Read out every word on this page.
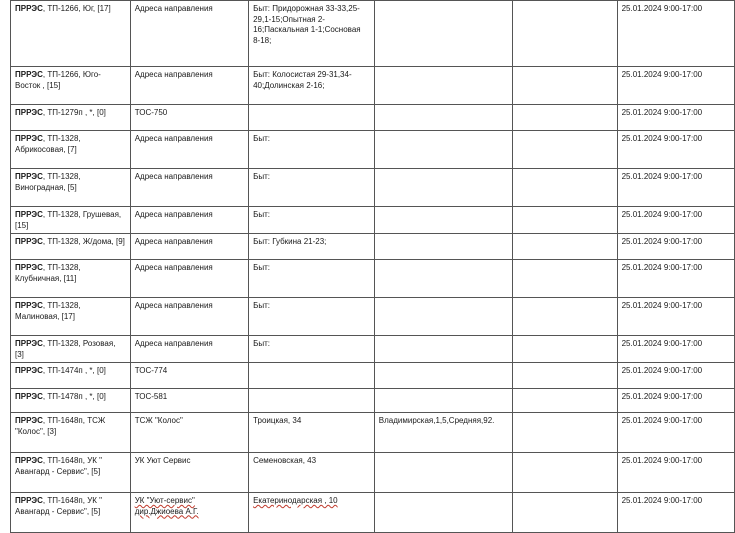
ПРРЭС, ТП-1266, Юг, [17]	Адреса направления	Быт: Придорожная 33-33,25-29,1-15;Опытная 2-16;Паскальная 1-1;Сосновая 8-18;			25.01.2024 9:00-17:00
ПРРЭС, ТП-1266, Юго-Восток , [15]	Адреса направления	Быт: Колосистая 29-31,34-40;Долинская 2-16;			25.01.2024 9:00-17:00
ПРРЭС, ТП-1279п , *, [0]	ТОС-750				25.01.2024 9:00-17:00
ПРРЭС, ТП-1328, Абрикосовая, [7]	Адреса направления	Быт:			25.01.2024 9:00-17:00
ПРРЭС, ТП-1328, Виноградная, [5]	Адреса направления	Быт:			25.01.2024 9:00-17:00
ПРРЭС, ТП-1328, Грушевая, [15]	Адреса направления	Быт:			25.01.2024 9:00-17:00
ПРРЭС, ТП-1328, Ж/дома, [9]	Адреса направления	Быт: Губкина 21-23;			25.01.2024 9:00-17:00
ПРРЭС, ТП-1328, Клубничная, [11]	Адреса направления	Быт:			25.01.2024 9:00-17:00
ПРРЭС, ТП-1328, Малиновая, [17]	Адреса направления	Быт:			25.01.2024 9:00-17:00
ПРРЭС, ТП-1328, Розовая, [3]	Адреса направления	Быт:			25.01.2024 9:00-17:00
ПРРЭС, ТП-1474п , *, [0]	ТОС-774				25.01.2024 9:00-17:00
ПРРЭС, ТП-1478п , *, [0]	ТОС-581				25.01.2024 9:00-17:00
ПРРЭС, ТП-1648п, ТСЖ "Колос", [3]	ТСЖ "Колос"	Троицкая, 34	Владимирская,1,5,Средняя,92.		25.01.2024 9:00-17:00
ПРРЭС, ТП-1648п, УК " Авангард - Сервис", [5]	УК Уют Сервис	Семеновская, 43			25.01.2024 9:00-17:00
ПРРЭС, ТП-1648п, УК " Авангард - Сервис", [5]	УК "Уют-сервис" дир.Джиоева А.Г.	Екатеринодарская , 10			25.01.2024 9:00-17:00
